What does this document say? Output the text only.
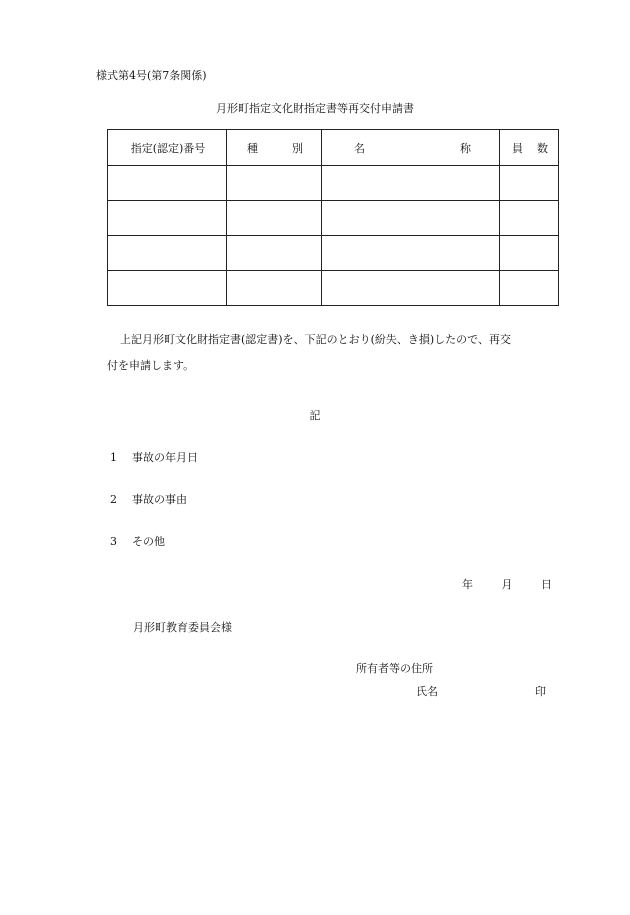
様式第4号(第7条関係)
月形町指定文化財指定書等再交付申請書
指定 (認定) 番号	種 別	名 称	員 数

上記月形町文化財指定書(認定書)を、下記のとおり(紛失、き損)したので、再交
付を申請します。
記
1 事故の年月日
2 事故の事由
3 その他
年	月	日
月形町教育委員会様
所有者等の住所
氏名	印
